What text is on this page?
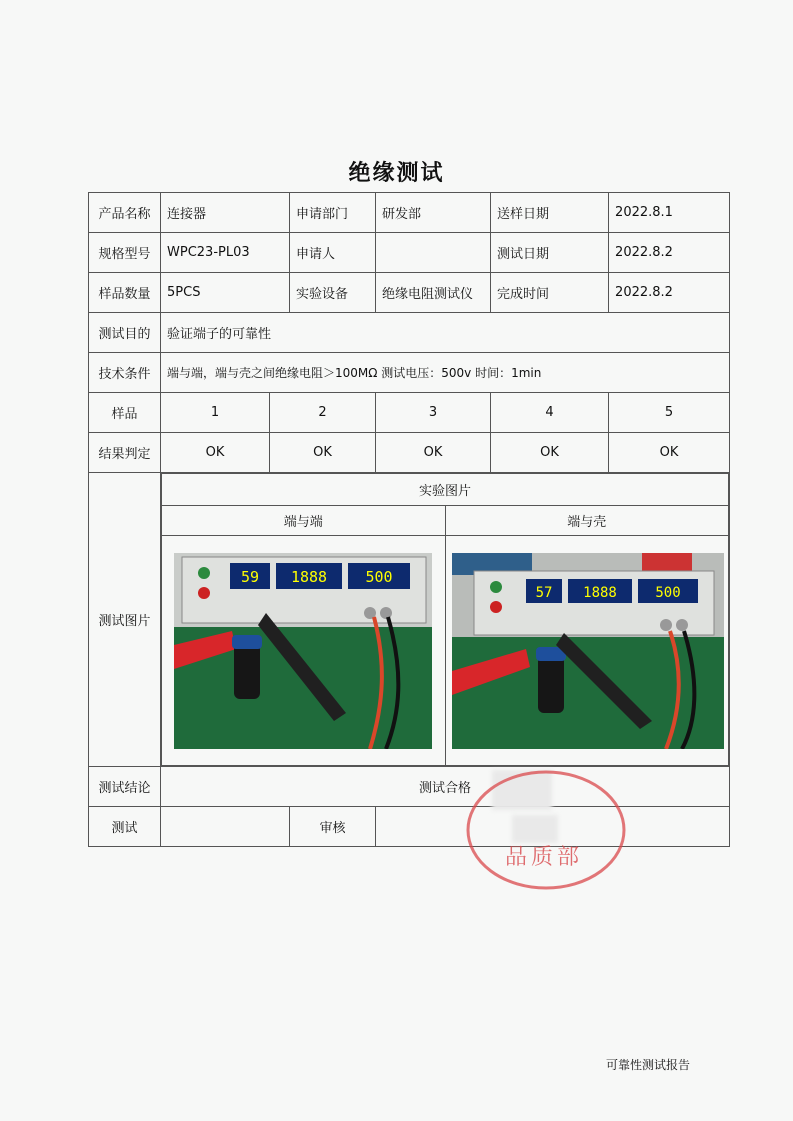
绝缘测试
产品名称	连接器	申请部门	研发部	送样日期	2022.8.1
规格型号	WPC23-PL03	申请人		测试日期	2022.8.2
样品数量	5PCS	实验设备	绝缘电阻测试仪	完成时间	2022.8.2
测试目的	验证端子的可靠性
技术条件	端与端，端与壳之间绝缘电阻＞100MΩ 测试电压：500v 时间：1min
样品	1	2	3	4	5
结果判定	OK	OK	OK	OK	OK
测试图片	
实验图片
端与端	端与壳

59 1888	500

57 1888	500

测试结论	测试合格
测试		审核	
品质部
可靠性测试报告
